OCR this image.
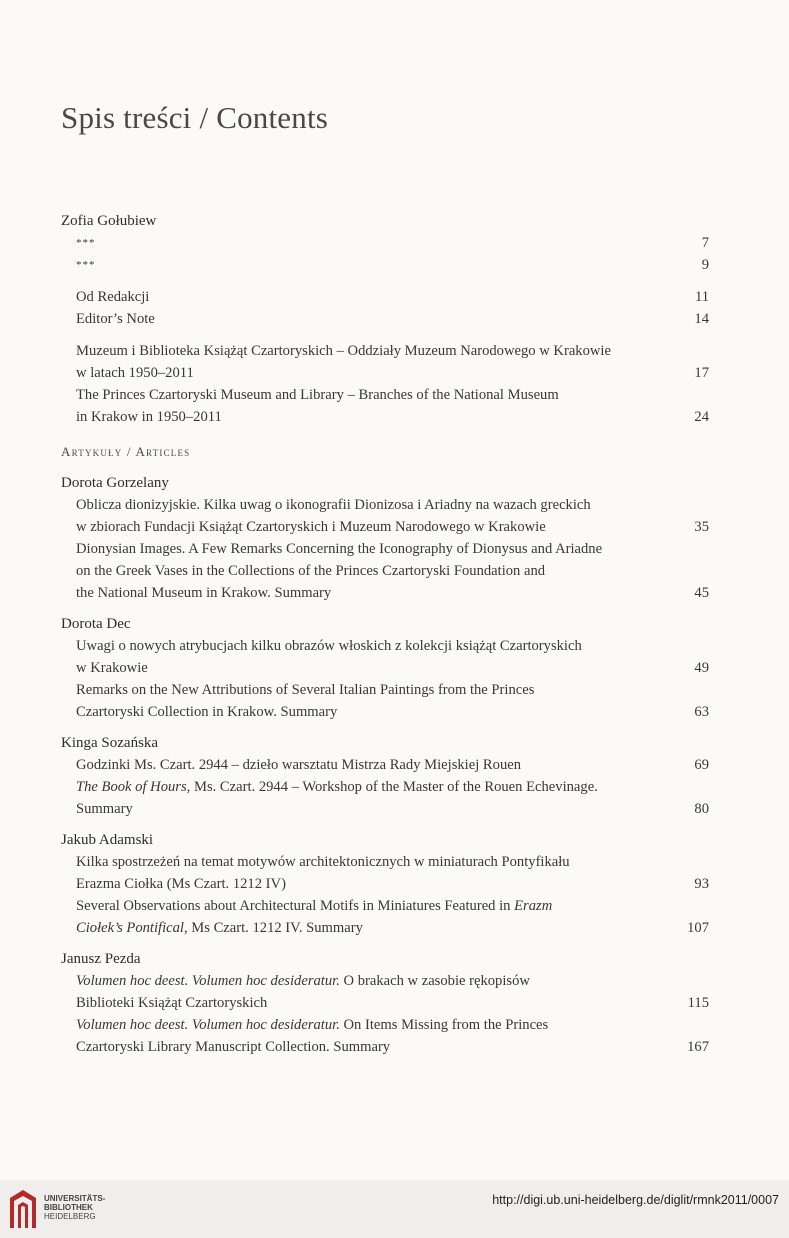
Spis treści / Contents
Zofia Gołubiew
***	7
***	9
Od Redakcji	11
Editor’s Note	14
Muzeum i Biblioteka Książąt Czartoryskich – Oddziały Muzeum Narodowego w Krakowie
w latach 1950–2011	17
The Princes Czartoryski Museum and Library – Branches of the National Museum
in Krakow in 1950–2011	24
Artykuły / Articles
Dorota Gorzelany
Oblicza dionizyjskie. Kilka uwag o ikonografii Dionizosa i Ariadny na wazach greckich
w zbiorach Fundacji Książąt Czartoryskich i Muzeum Narodowego w Krakowie	35
Dionysian Images. A Few Remarks Concerning the Iconography of Dionysus and Ariadne
on the Greek Vases in the Collections of the Princes Czartoryski Foundation and
the National Museum in Krakow. Summary	45
Dorota Dec
Uwagi o nowych atrybucjach kilku obrazów włoskich z kolekcji książąt Czartoryskich
w Krakowie	49
Remarks on the New Attributions of Several Italian Paintings from the Princes
Czartoryski Collection in Krakow. Summary	63
Kinga Sozańska
Godzinki Ms. Czart. 2944 – dzieło warsztatu Mistrza Rady Miejskiej Rouen	69
The Book of Hours, Ms. Czart. 2944 – Workshop of the Master of the Rouen Echevinage.
Summary	80
Jakub Adamski
Kilka spostrzeżeń na temat motywów architektonicznych w miniaturach Pontyfikału
Erazma Ciołka (Ms Czart. 1212 IV)	93
Several Observations about Architectural Motifs in Miniatures Featured in Erazm
Ciołek’s Pontifical, Ms Czart. 1212 IV. Summary	107
Janusz Pezda
Volumen hoc deest. Volumen hoc desideratur. O brakach w zasobie rękopisów
Biblioteki Książąt Czartoryskich	115
Volumen hoc deest. Volumen hoc desideratur. On Items Missing from the Princes
Czartoryski Library Manuscript Collection. Summary	167
UNIVERSITÄTS-
BIBLIOTHEK
HEIDELBERG
http://digi.ub.uni-heidelberg.de/diglit/rmnk2011/0007
